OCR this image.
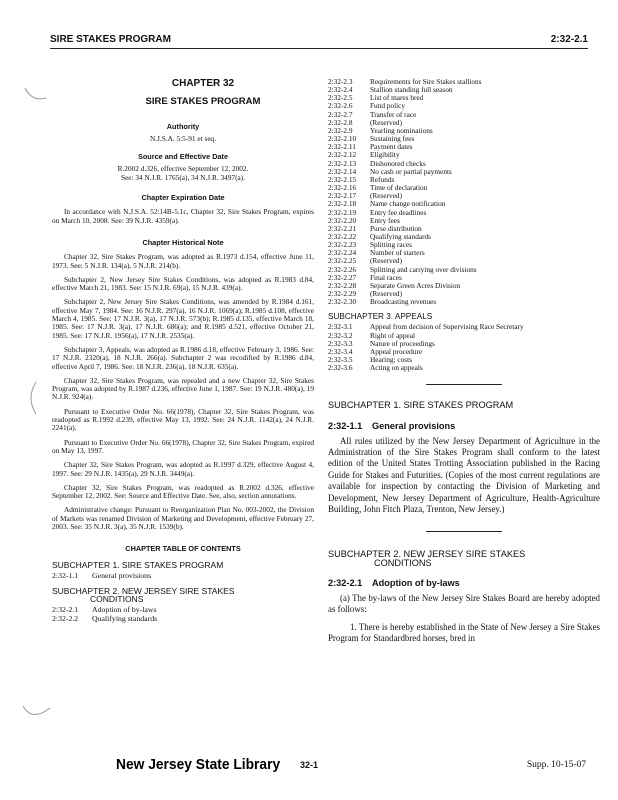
SIRE STAKES PROGRAM	2:32-2.1
CHAPTER 32
SIRE STAKES PROGRAM
Authority
N.J.S.A. 5:5-91 et seq.
Source and Effective Date
R.2002 d.326, effective September 12, 2002.
See: 34 N.J.R. 1765(a), 34 N.J.R. 3497(a).
Chapter Expiration Date
In accordance with N.J.S.A. 52:14B-5.1c, Chapter 32, Sire Stakes Program, expires on March 10, 2008. See: 39 N.J.R. 4359(a).
Chapter Historical Note
Chapter 32, Sire Stakes Program, was adopted as R.1973 d.154, effective June 11, 1973. See: 5 N.J.R. 134(a), 5 N.J.R. 214(b).
Subchapter 2, New Jersey Sire Stakes Conditions, was adopted as R.1983 d.84, effective March 21, 1983. See: 15 N.J.R. 69(a), 15 N.J.R. 439(a).
Subchapter 2, New Jersey Sire Stakes Conditions, was amended by R.1984 d.161, effective May 7, 1984. See: 16 N.J.R. 297(a), 16 N.J.R. 1069(a); R.1985 d.108, effective March 4, 1985. See: 17 N.J.R. 3(a), 17 N.J.R. 573(b); R.1985 d.135, effective March 18, 1985. See: 17 N.J.R. 3(a), 17 N.J.R. 686(a); and R.1985 d.521, effective October 21, 1985. See: 17 N.J.R. 1956(a), 17 N.J.R. 2535(a).
Subchapter 3, Appeals, was adopted as R.1986 d.18, effective February 3, 1986. See: 17 N.J.R. 2320(a), 18 N.J.R. 266(a). Subchapter 2 was recodified by R.1986 d.84, effective April 7, 1986. See: 18 N.J.R. 236(a), 18 N.J.R. 635(a).
Chapter 32, Sire Stakes Program, was repealed and a new Chapter 32, Sire Stakes Program, was adopted by R.1987 d.236, effective June 1, 1987. See: 19 N.J.R. 480(a), 19 N.J.R. 924(a).
Pursuant to Executive Order No. 66(1978), Chapter 32, Sire Stakes Program, was readopted as R.1992 d.239, effective May 13, 1992. See: 24 N.J.R. 1142(a), 24 N.J.R. 2241(a).
Pursuant to Executive Order No. 66(1978), Chapter 32, Sire Stakes Program, expired on May 13, 1997.
Chapter 32, Sire Stakes Program, was adopted as R.1997 d.329, effective August 4, 1997. See: 29 N.J.R. 1435(a), 29 N.J.R. 3449(a).
Chapter 32, Sire Stakes Program, was readopted as R.2002 d.326, effective September 12, 2002. See: Source and Effective Date. See, also, section annotations.
Administrative change: Pursuant to Reorganization Plan No. 003-2002, the Division of Markets was renamed Division of Marketing and Development, effective February 27, 2003. See: 35 N.J.R. 3(a), 35 N.J.R. 1539(b).
CHAPTER TABLE OF CONTENTS
SUBCHAPTER 1. SIRE STAKES PROGRAM
2:32-1.1	General provisions
SUBCHAPTER 2. NEW JERSEY SIRE STAKES
CONDITIONS
2:32-2.1	Adoption of by-laws
2:32-2.2	Qualifying standards
2:32-2.3	Requirements for Sire Stakes stallions
2:32-2.4	Stallion standing full season
2:32-2.5	List of mares bred
2:32-2.6	Fund policy
2:32-2.7	Transfer of race
2:32-2.8	(Reserved)
2:32-2.9	Yearling nominations
2:32-2.10	Sustaining fees
2:32-2.11	Payment dates
2:32-2.12	Eligibility
2:32-2.13	Dishonored checks
2:32-2.14	No cash or partial payments
2:32-2.15	Refunds
2:32-2.16	Time of declaration
2:32-2.17	(Reserved)
2:32-2.18	Name change notification
2:32-2.19	Entry fee deadlines
2:32-2.20	Entry fees
2:32-2.21	Purse distribution
2:32-2.22	Qualifying standards
2:32-2.23	Splitting races
2:32-2.24	Number of starters
2:32-2.25	(Reserved)
2:32-2.26	Splitting and carrying over divisions
2:32-2.27	Final races
2:32-2.28	Separate Green Acres Division
2:32-2.29	(Reserved)
2:32-2.30	Broadcasting revenues
SUBCHAPTER 3. APPEALS
2:32-3.1	Appeal from decision of Supervising Race Secretary
2:32-3.2	Right of appeal
2:32-3.3	Nature of proceedings
2:32-3.4	Appeal procedure
2:32-3.5	Hearing; costs
2:32-3.6	Acting on appeals
SUBCHAPTER 1. SIRE STAKES PROGRAM
2:32-1.1 General provisions
All rules utilized by the New Jersey Department of Agriculture in the Administration of the Sire Stakes Program shall conform to the latest edition of the United States Trotting Association published in the Racing Guide for Stakes and Futurities. (Copies of the most current regulations are available for inspection by contacting the Division of Marketing and Development, New Jersey Department of Agriculture, Health-Agriculture Building, John Fitch Plaza, Trenton, New Jersey.)
SUBCHAPTER 2. NEW JERSEY SIRE STAKES
CONDITIONS
2:32-2.1 Adoption of by-laws
(a) The by-laws of the New Jersey Sire Stakes Board are hereby adopted as follows:
1. There is hereby established in the State of New Jersey a Sire Stakes Program for Standardbred horses, bred in
New Jersey State Library 32-1	Supp. 10-15-07
